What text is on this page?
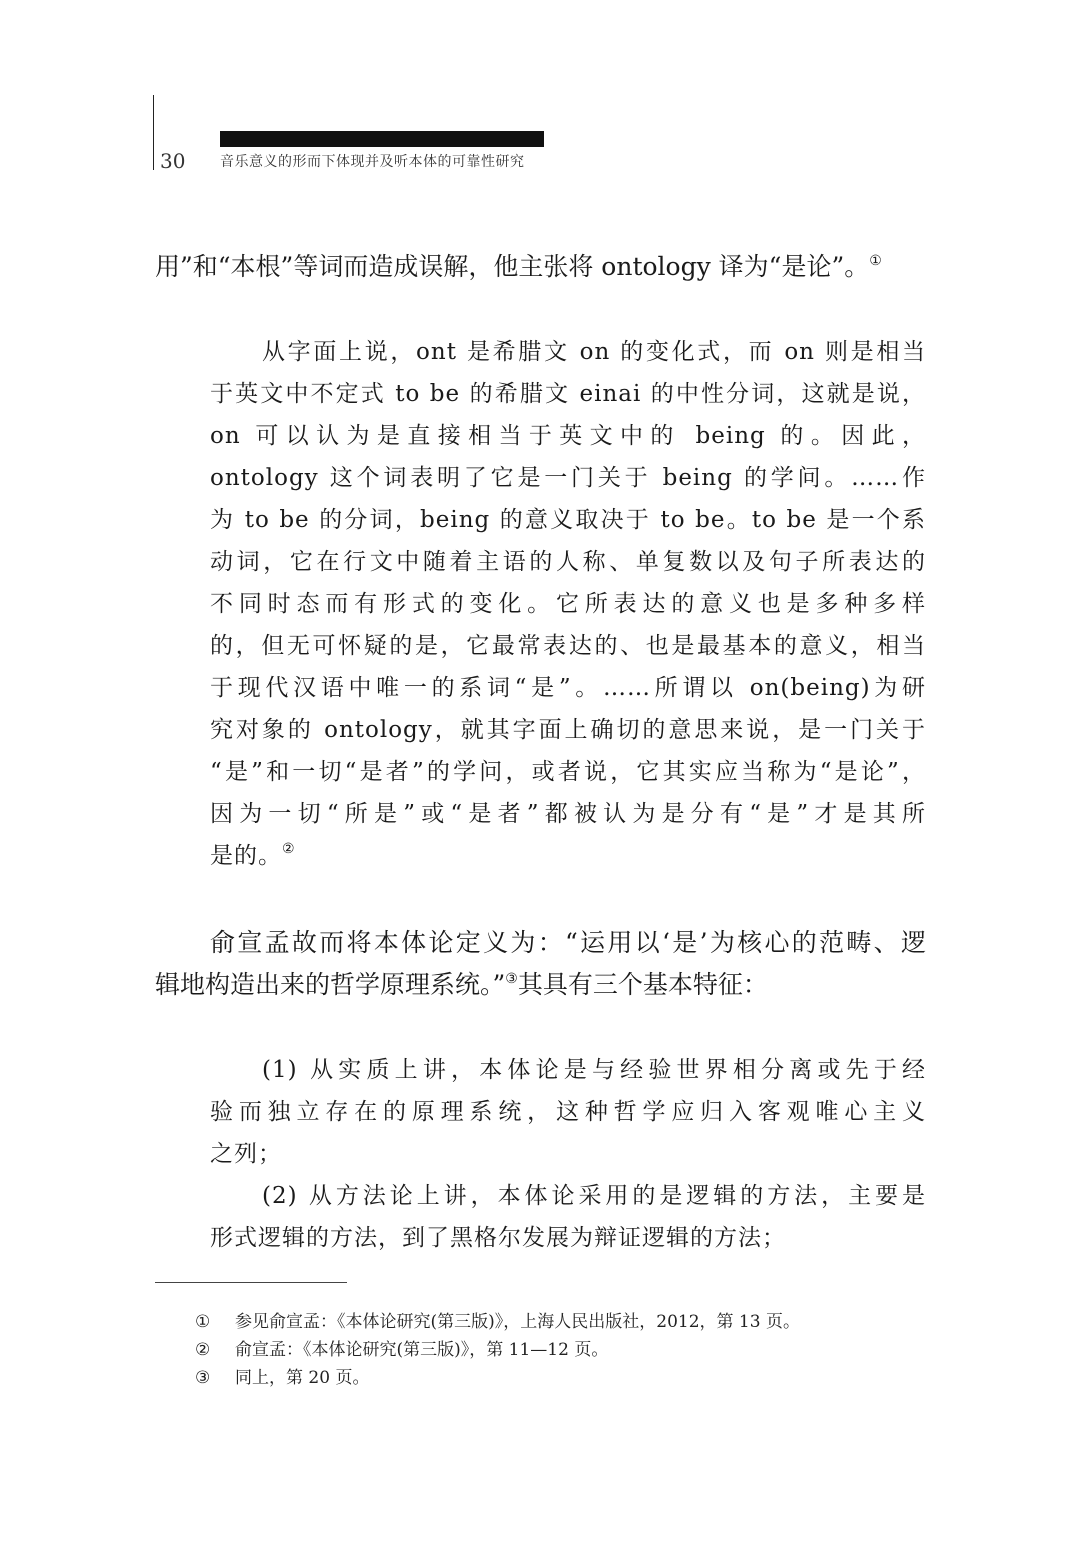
30 音乐意义的形而下体现并及听本体的可靠性研究
用”和“本根”等词而造成误解，他主张将 ontology 译为“是论”。①
从字面上说，ont 是希腊文 on 的变化式，而 on 则是相当
于英文中不定式 to be 的希腊文 einai 的中性分词，这就是说，
on 可以认为是直接相当于英文中的 being 的。因此，
ontology 这个词表明了它是一门关于 being 的学问。……作
为 to be 的分词，being 的意义取决于 to be。to be 是一个系
动词，它在行文中随着主语的人称、单复数以及句子所表达的
不同时态而有形式的变化。它所表达的意义也是多种多样
的，但无可怀疑的是，它最常表达的、也是最基本的意义，相当
于现代汉语中唯一的系词“是”。……所谓以 on(being)为研
究对象的 ontology，就其字面上确切的意思来说，是一门关于
“是”和一切“是者”的学问，或者说，它其实应当称为“是论”，
因为一切“所是”或“是者”都被认为是分有“是”才是其所
是的。②
俞宣孟故而将本体论定义为：“运用以‘是’为核心的范畴、逻
辑地构造出来的哲学原理系统。”③其具有三个基本特征：
(1) 从实质上讲，本体论是与经验世界相分离或先于经
验而独立存在的原理系统，这种哲学应归入客观唯心主义
之列；
(2) 从方法论上讲，本体论采用的是逻辑的方法，主要是
形式逻辑的方法，到了黑格尔发展为辩证逻辑的方法；
① 参见俞宣孟：《本体论研究(第三版)》，上海人民出版社，2012，第 13 页。
② 俞宣孟：《本体论研究(第三版)》，第 11—12 页。
③ 同上，第 20 页。
